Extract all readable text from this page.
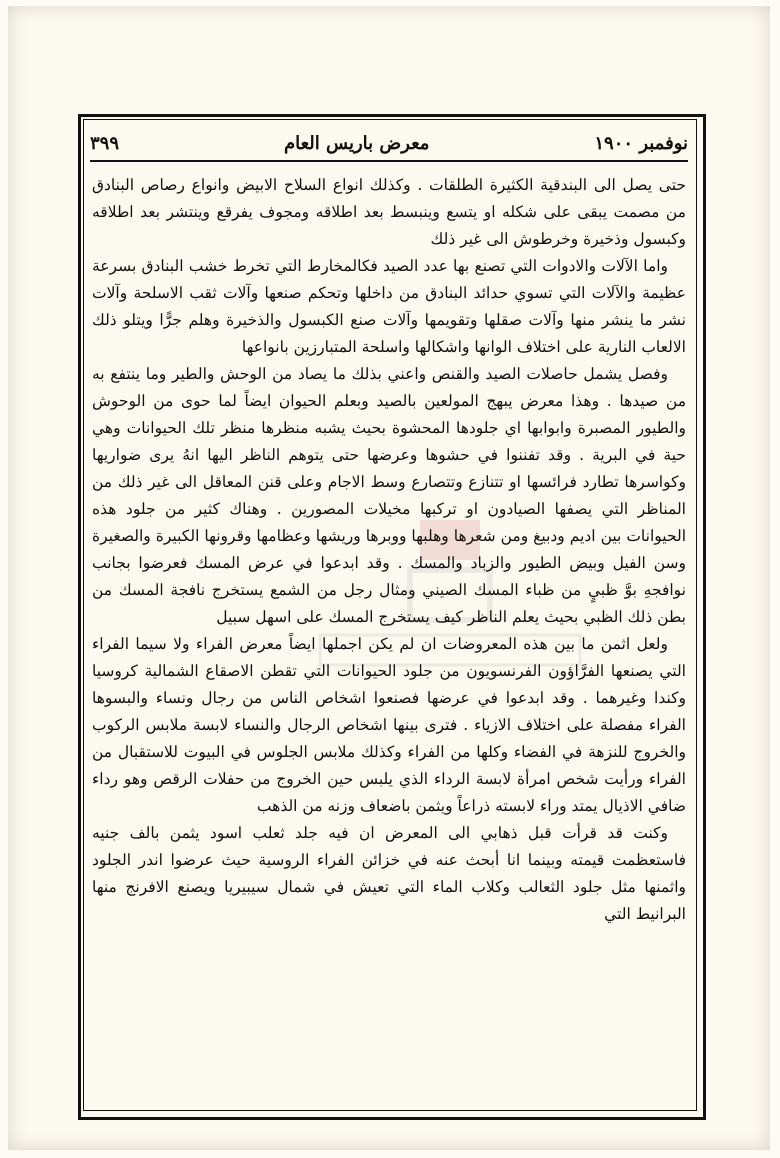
نوفمبر ١٩٠٠
معرض باريس العام
٣٩٩

حتى يصل الى البندقية الكثيرة الطلقات . وكذلك انواع السلاح الابيض وانواع رصاص البنادق من مصمت يبقى على شكله او يتسع وينبسط بعد اطلاقه ومجوف يفرقع وينتشر بعد اطلاقه وكبسول وذخيرة وخرطوش الى غير ذلك

واما الآلات والادوات التي تصنع بها عدد الصيد فكالمخارط التي تخرط خشب البنادق بسرعة عظيمة والآلات التي تسوي حدائد البنادق من داخلها وتحكم صنعها وآلات ثقب الاسلحة وآلات نشر ما ينشر منها وآلات صقلها وتقويمها وآلات صنع الكبسول والذخيرة وهلم جرًّا ويتلو ذلك الالعاب النارية على اختلاف الوانها واشكالها واسلحة المتبارزين بانواعها

وفصل يشمل حاصلات الصيد والقنص واعني بذلك ما يصاد من الوحش والطير وما ينتفع به من صيدها . وهذا معرض يبهج المولعين بالصيد وبعلم الحيوان ايضاً لما حوى من الوحوش والطيور المصبرة وابوابها اي جلودها المحشوة بحيث يشبه منظرها منظر تلك الحيوانات وهي حية في البرية . وقد تفننوا في حشوها وعرضها حتى يتوهم الناظر اليها انهُ يرى ضواريها وكواسرها تطارد فرائسها او تتنازع وتتصارع وسط الاجام وعلى قنن المعاقل الى غير ذلك من المناظر التي يصفها الصيادون او تركبها مخيلات المصورين . وهناك كثير من جلود هذه الحيوانات بين اديم ودبيغ ومن شعرها وهلبها ووبرها وريشها وعظامها وقرونها الكبيرة والصغيرة وسن الفيل وبيض الطيور والزباد والمسك . وقد ابدعوا في عرض المسك فعرضوا بجانب نوافجهِ بوَّ ظبيٍ من ظباء المسك الصيني ومثال رجل من الشمع يستخرج نافجة المسك من بطن ذلك الظبي بحيث يعلم الناظر كيف يستخرج المسك على اسهل سبيل

ولعل اثمن ما بين هذه المعروضات ان لم يكن اجملها ايضاً معرض الفراء ولا سيما الفراء التي يصنعها الفرَّاؤون الفرنسويون من جلود الحيوانات التي تقطن الاصقاع الشمالية كروسيا وكندا وغيرهما . وقد ابدعوا في عرضها فصنعوا اشخاص الناس من رجال ونساء والبسوها الفراء مفصلة على اختلاف الازياء . فترى بينها اشخاص الرجال والنساء لابسة ملابس الركوب والخروج للنزهة في الفضاء وكلها من الفراء وكذلك ملابس الجلوس في البيوت للاستقبال من الفراء ورأيت شخص امرأة لابسة الرداء الذي يلبس حين الخروج من حفلات الرقص وهو رداء ضافي الاذيال يمتد وراء لابسته ذراعاً ويثمن باضعاف وزنه من الذهب

وكنت قد قرأت قبل ذهابي الى المعرض ان فيه جلد ثعلب اسود يثمن بالف جنيه فاستعظمت قيمته وبينما انا أبحث عنه في خزائن الفراء الروسية حيث عرضوا اندر الجلود واثمنها مثل جلود الثعالب وكلاب الماء التي تعيش في شمال سيبيريا ويصنع الافرنج منها البرانيط التي
